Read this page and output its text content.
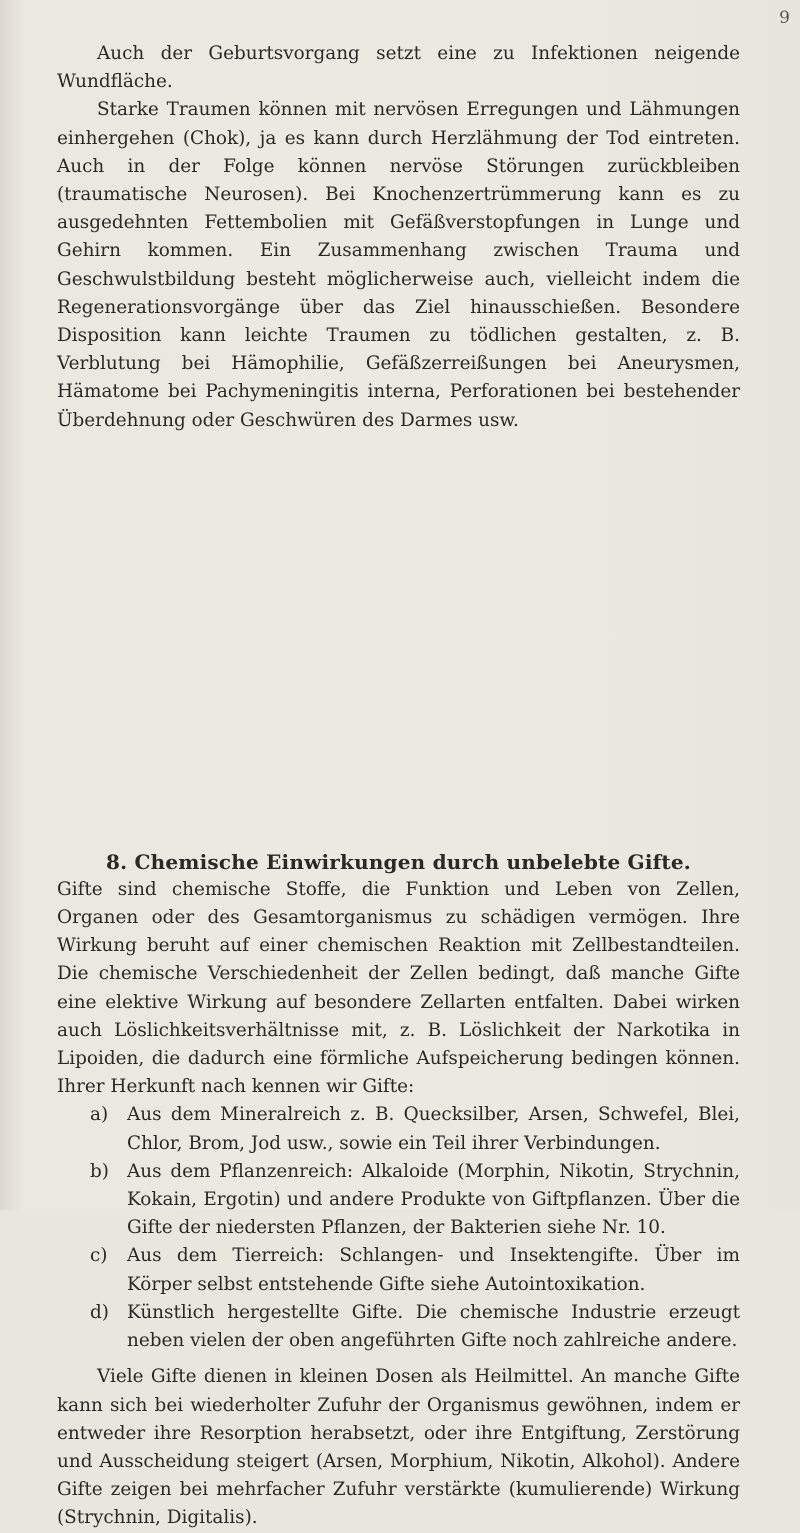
9

Auch der Geburtsvorgang setzt eine zu Infektionen neigende Wundfläche.

Starke Traumen können mit nervösen Erregungen und Lähmungen einhergehen (Chok), ja es kann durch Herzlähmung der Tod eintreten. Auch in der Folge können nervöse Störungen zurückbleiben (traumatische Neurosen). Bei Knochenzertrümmerung kann es zu ausgedehnten Fettembolien mit Gefäßverstopfungen in Lunge und Gehirn kommen. Ein Zusammenhang zwischen Trauma und Geschwulstbildung besteht möglicherweise auch, vielleicht indem die Regenerationsvorgänge über das Ziel hinausschießen. Besondere Disposition kann leichte Traumen zu tödlichen gestalten, z. B. Verblutung bei Hämophilie, Gefäßzerreißungen bei Aneurysmen, Hämatome bei Pachymeningitis interna, Perforationen bei bestehender Überdehnung oder Geschwüren des Darmes usw.

8. Chemische Einwirkungen durch unbelebte Gifte.

Gifte sind chemische Stoffe, die Funktion und Leben von Zellen, Organen oder des Gesamtorganismus zu schädigen vermögen. Ihre Wirkung beruht auf einer chemischen Reaktion mit Zellbestandteilen. Die chemische Verschiedenheit der Zellen bedingt, daß manche Gifte eine elektive Wirkung auf besondere Zellarten entfalten. Dabei wirken auch Löslichkeitsverhältnisse mit, z. B. Löslichkeit der Narkotika in Lipoiden, die dadurch eine förmliche Aufspeicherung bedingen können. Ihrer Herkunft nach kennen wir Gifte:

a)	Aus dem Mineralreich z. B. Quecksilber, Arsen, Schwefel, Blei, Chlor, Brom, Jod usw., sowie ein Teil ihrer Verbindungen.
b) Aus dem Pflanzenreich: Alkaloide (Morphin, Nikotin, Strychnin, Kokain, Ergotin) und andere Produkte von Giftpflanzen. Über die Gifte der niedersten Pflanzen, der Bakterien siehe Nr. 10.
c)	Aus dem Tierreich: Schlangen- und Insektengifte. Über im Körper selbst entstehende Gifte siehe Autointoxikation.
d) Künstlich hergestellte Gifte. Die chemische Industrie erzeugt neben vielen der oben angeführten Gifte noch zahlreiche andere.

Viele Gifte dienen in kleinen Dosen als Heilmittel. An manche Gifte kann sich bei wiederholter Zufuhr der Organismus gewöhnen, indem er entweder ihre Resorption herabsetzt, oder ihre Entgiftung, Zerstörung und Ausscheidung steigert (Arsen, Morphium, Nikotin, Alkohol). Andere Gifte zeigen bei mehrfacher Zufuhr verstärkte (kumulierende) Wirkung (Strychnin, Digitalis).
